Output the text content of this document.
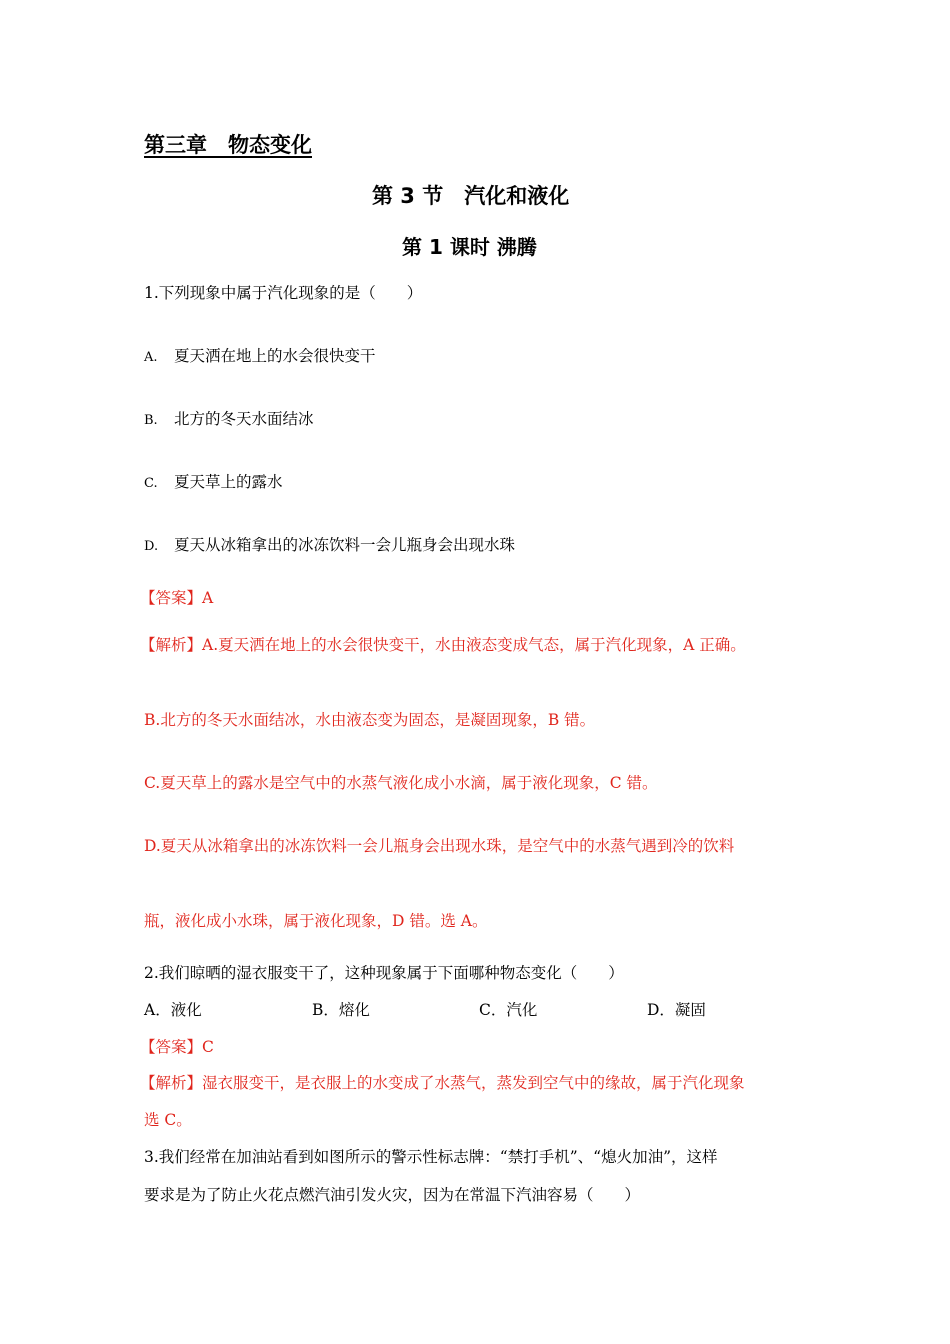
第三章　物态变化
第 3 节　汽化和液化
第 1 课时 沸腾
1.下列现象中属于汽化现象的是（　　）
A. 夏天洒在地上的水会很快变干
B. 北方的冬天水面结冰
C. 夏天草上的露水
D. 夏天从冰箱拿出的冰冻饮料一会儿瓶身会出现水珠
【答案】A
【解析】A.夏天洒在地上的水会很快变干，水由液态变成气态，属于汽化现象，A 正确。
B.北方的冬天水面结冰，水由液态变为固态，是凝固现象，B 错。
C.夏天草上的露水是空气中的水蒸气液化成小水滴，属于液化现象，C 错。
D.夏天从冰箱拿出的冰冻饮料一会儿瓶身会出现水珠，是空气中的水蒸气遇到冷的饮料
瓶，液化成小水珠，属于液化现象，D 错。选 A。
2.我们晾晒的湿衣服变干了，这种现象属于下面哪种物态变化（　　）
A．液化	B．熔化	C．汽化	D．凝固
【答案】C
【解析】湿衣服变干，是衣服上的水变成了水蒸气，蒸发到空气中的缘故，属于汽化现象
选 C。
3.我们经常在加油站看到如图所示的警示性标志牌：“禁打手机”、“熄火加油”，这样
要求是为了防止火花点燃汽油引发火灾，因为在常温下汽油容易（　　）
